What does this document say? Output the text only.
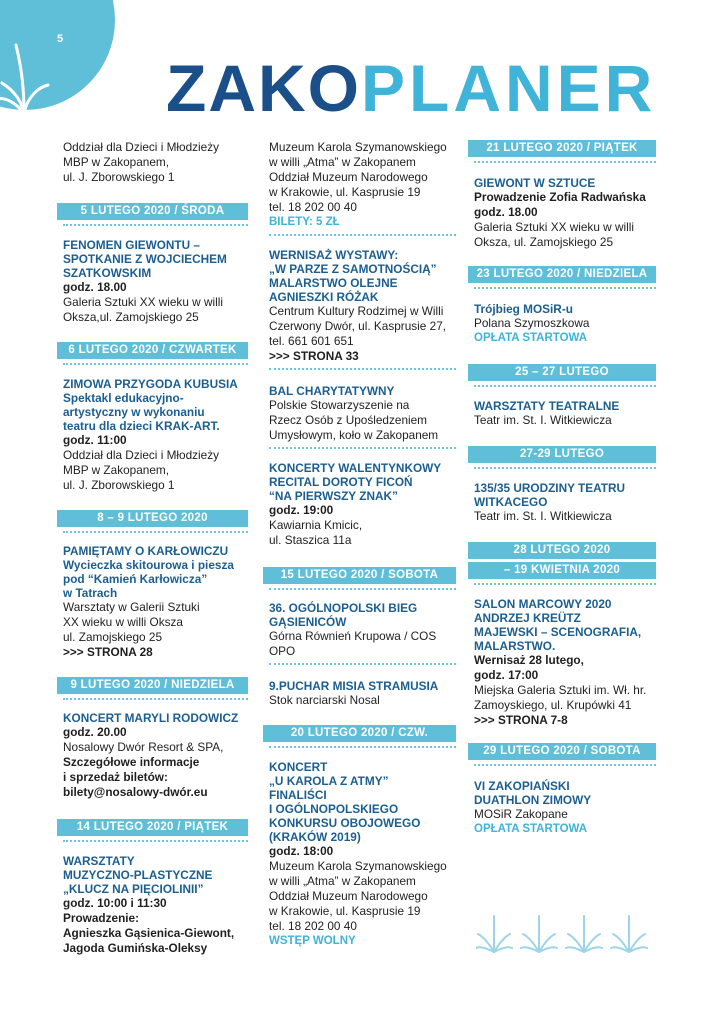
5
ZAKOPLANER

Oddział dla Dzieci i Młodzieży

MBP w Zakopanem,

ul. J. Zborowskiego 1

5 LUTEGO 2020 / ŚRODA

FENOMEN GIEWONTU –

SPOTKANIE Z WOJCIECHEM

SZATKOWSKIM

godz. 18.00

Galeria Sztuki XX wieku w willi

Oksza,ul. Zamojskiego 25

6 LUTEGO 2020 / CZWARTEK

ZIMOWA PRZYGODA KUBUSIA

Spektakl edukacyjno-

artystyczny w wykonaniu

teatru dla dzieci KRAK-ART.

godz. 11:00

Oddział dla Dzieci i Młodzieży

MBP w Zakopanem,

ul. J. Zborowskiego 1

8 – 9 LUTEGO 2020

PAMIĘTAMY O KARŁOWICZU

Wycieczka skitourowa i piesza

pod “Kamień Karłowicza”

w Tatrach

Warsztaty w Galerii Sztuki

XX wieku w willi Oksza

ul. Zamojskiego 25

>>> STRONA 28

9 LUTEGO 2020 / NIEDZIELA

KONCERT MARYLI RODOWICZ

godz. 20.00

Nosalowy Dwór Resort & SPA,

Szczegółowe informacje

i sprzedaż biletów:

bilety@nosalowy-dwór.eu

14 LUTEGO 2020 / PIĄTEK

WARSZTATY

MUZYCZNO-PLASTYCZNE

„KLUCZ NA PIĘCIOLINII”

godz. 10:00 i 11:30

Prowadzenie:

Agnieszka Gąsienica-Giewont,

Jagoda Gumińska-Oleksy

Muzeum Karola Szymanowskiego

w willi „Atma” w Zakopanem

Oddział Muzeum Narodowego

w Krakowie, ul. Kasprusie 19

tel. 18 202 00 40

BILETY: 5 ZŁ

WERNISAŻ WYSTAWY:

„W PARZE Z SAMOTNOŚCIĄ”

MALARSTWO OLEJNE

AGNIESZKI RÓŻAK

Centrum Kultury Rodzimej w Willi

Czerwony Dwór, ul. Kasprusie 27,

tel. 661 601 651

>>> STRONA 33

BAL CHARYTATYWNY

Polskie Stowarzyszenie na

Rzecz Osób z Upośledzeniem

Umysłowym, koło w Zakopanem

KONCERTY WALENTYNKOWY

RECITAL DOROTY FICOŃ

“NA PIERWSZY ZNAK”

godz. 19:00

Kawiarnia Kmicic,

ul. Staszica 11a

15 LUTEGO 2020 / SOBOTA

36. OGÓLNOPOLSKI BIEG

GĄSIENICÓW

Górna Równień Krupowa / COS

OPO

9.PUCHAR MISIA STRAMUSIA

Stok narciarski Nosal

20 LUTEGO 2020 / CZW.

KONCERT

„U KAROLA Z ATMY”

FINALIŚCI

I OGÓLNOPOLSKIEGO

KONKURSU OBOJOWEGO

(KRAKÓW 2019)

godz. 18:00

Muzeum Karola Szymanowskiego

w willi „Atma” w Zakopanem

Oddział Muzeum Narodowego

w Krakowie, ul. Kasprusie 19

tel. 18 202 00 40

WSTĘP WOLNY

21 LUTEGO 2020 / PIĄTEK

GIEWONT W SZTUCE

Prowadzenie Zofia Radwańska

godz. 18.00

Galeria Sztuki XX wieku w willi

Oksza, ul. Zamojskiego 25

23 LUTEGO 2020 / NIEDZIELA

Trójbieg MOSiR-u

Polana Szymoszkowa

OPŁATA STARTOWA

25 – 27 LUTEGO

WARSZTATY TEATRALNE

Teatr im. St. I. Witkiewicza

27-29 LUTEGO

135/35 URODZINY TEATRU

WITKACEGO

Teatr im. St. I. Witkiewicza

28 LUTEGO 2020
– 19 KWIETNIA 2020

SALON MARCOWY 2020

ANDRZEJ KREÜTZ

MAJEWSKI – SCENOGRAFIA,

MALARSTWO.

Wernisaż 28 lutego,

godz. 17:00

Miejska Galeria Sztuki im. Wł. hr.

Zamoyskiego, ul. Krupówki 41

>>> STRONA 7-8

29 LUTEGO 2020 / SOBOTA

VI ZAKOPIAŃSKI

DUATHLON ZIMOWY

MOSiR Zakopane

OPŁATA STARTOWA
